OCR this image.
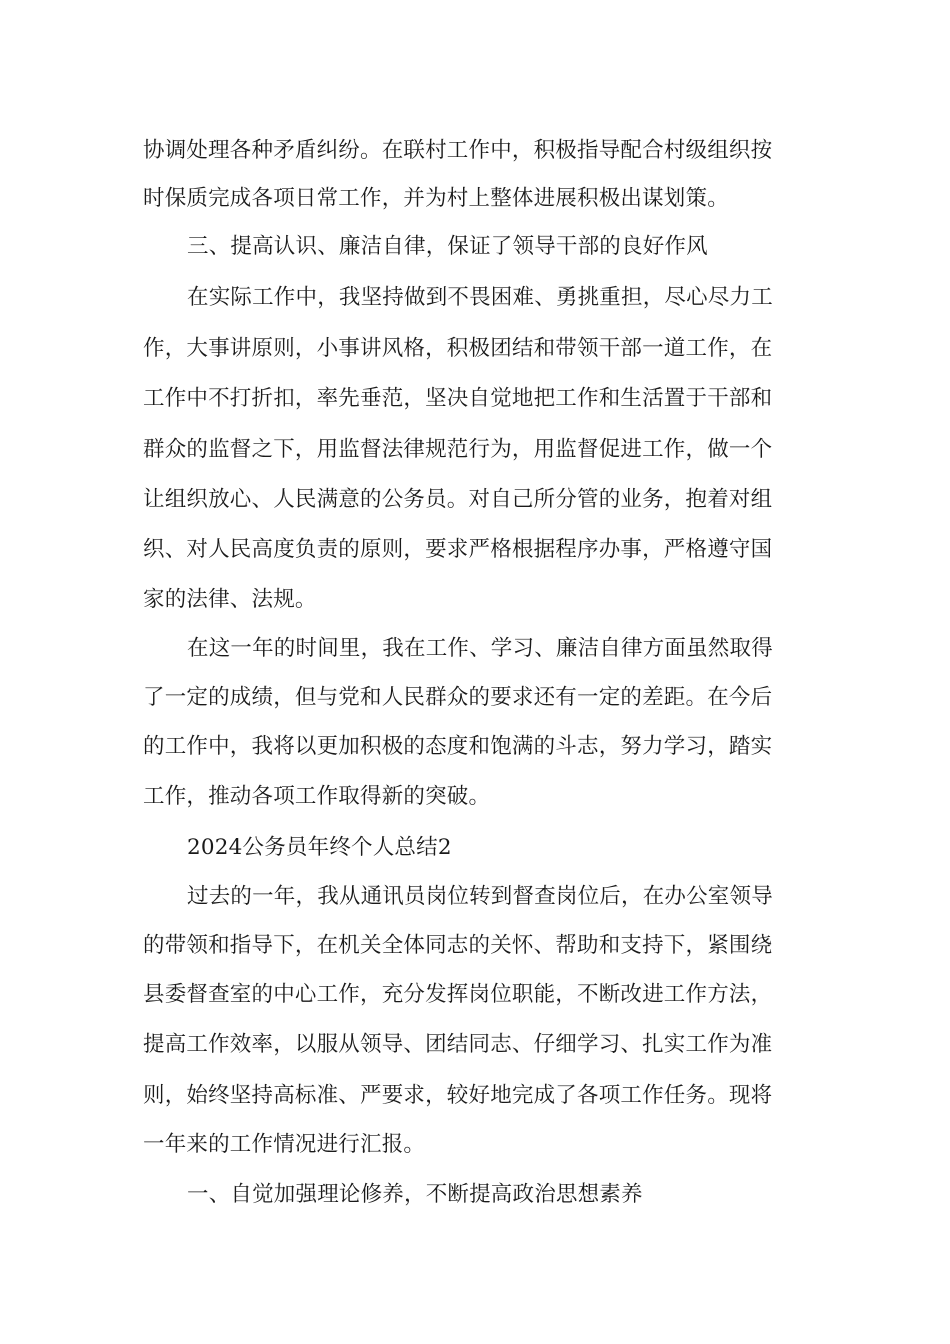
协调处理各种矛盾纠纷。在联村工作中，积极指导配合村级组织按
时保质完成各项日常工作，并为村上整体进展积极出谋划策。
三、提高认识、廉洁自律，保证了领导干部的良好作风
在实际工作中，我坚持做到不畏困难、勇挑重担，尽心尽力工
作，大事讲原则，小事讲风格，积极团结和带领干部一道工作，在
工作中不打折扣，率先垂范，坚决自觉地把工作和生活置于干部和
群众的监督之下，用监督法律规范行为，用监督促进工作，做一个
让组织放心、人民满意的公务员。对自己所分管的业务，抱着对组
织、对人民高度负责的原则，要求严格根据程序办事，严格遵守国
家的法律、法规。
在这一年的时间里，我在工作、学习、廉洁自律方面虽然取得
了一定的成绩，但与党和人民群众的要求还有一定的差距。在今后
的工作中，我将以更加积极的态度和饱满的斗志，努力学习，踏实
工作，推动各项工作取得新的突破。
2024公务员年终个人总结2
过去的一年，我从通讯员岗位转到督查岗位后，在办公室领导
的带领和指导下，在机关全体同志的关怀、帮助和支持下，紧围绕
县委督查室的中心工作，充分发挥岗位职能，不断改进工作方法，
提高工作效率，以服从领导、团结同志、仔细学习、扎实工作为准
则，始终坚持高标准、严要求，较好地完成了各项工作任务。现将
一年来的工作情况进行汇报。
一、自觉加强理论修养，不断提高政治思想素养
